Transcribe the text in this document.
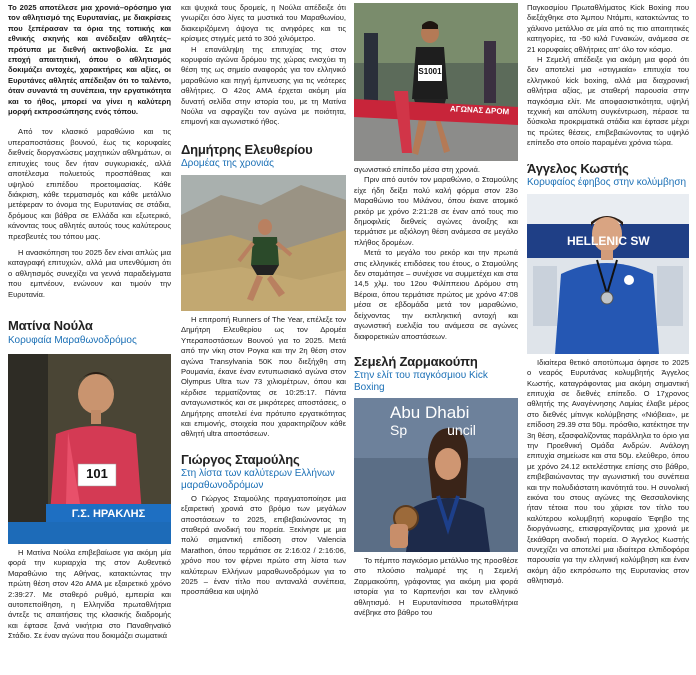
Το 2025 αποτέλεσε μια χρονιά–ορόσημο για τον αθλητισμό της Ευρυτανίας, με διακρίσεις που ξεπέρασαν τα όρια της τοπικής και εθνικής σκηνής και ανέδειξαν αθλητές–πρότυπα με διεθνή ακτινοβολία. Σε μια εποχή απαιτητική, όπου ο αθλητισμός δοκιμάζει αντοχές, χαρακτήρες και αξίες, οι Ευρυτάνες αθλητές απέδειξαν ότι το ταλέντο, όταν συναντά τη συνέπεια, την εργατικότητα και το ήθος, μπορεί να γίνει η καλύτερη μορφή εκπροσώπησης ενός τόπου.

Από τον κλασικό μαραθώνιο και τις υπεραποστάσεις βουνού, έως τις κορυφαίες διεθνείς διοργανώσεις μαχητικών αθλημάτων, οι επιτυχίες τους δεν ήταν συγκυριακές, αλλά αποτέλεσμα πολυετούς προσπάθειας και υψηλού επιπέδου προετοιμασίας. Κάθε διάκριση, κάθε τερματισμός και κάθε μετάλλιο μετέφεραν το όνομα της Ευρυτανίας σε στάδια, δρόμους και βάθρα σε Ελλάδα και εξωτερικό, κάνοντας τους αθλητές αυτούς τους καλύτερους πρεσβευτές του τόπου μας.

Η ανασκόπηση του 2025 δεν είναι απλώς μια καταγραφή επιτυχιών, αλλά μια υπενθύμιση ότι ο αθλητισμός συνεχίζει να γεννά παραδείγματα που εμπνέουν, ενώνουν και τιμούν την Ευρυτανία.

Ματίνα Νούλα
Κορυφαία Μαραθωνοδρόμος
101
Γ.Σ. ΗΡΑΚΛΗΣ

Η Ματίνα Νούλα επιβεβαίωσε για ακόμη μία φορά την κυριαρχία της στον Αυθεντικό Μαραθώνιο της Αθήνας, κατακτώντας την πρώτη θέση στον 42ο ΑΜΑ με εξαιρετικό χρόνο 2:39:27. Με σταθερό ρυθμό, εμπειρία και αυτοπεποίθηση, η Ελληνίδα πρωταθλήτρια άντεξε τις απαιτήσεις της κλασικής διαδρομής και έφτασε ξανά νικήτρια στο Παναθηναϊκό Στάδιο. Σε έναν αγώνα που δοκιμάζει σωματικά

και ψυχικά τους δρομείς, η Νούλα απέδειξε ότι γνωρίζει όσο λίγες τα μυστικά του Μαραθωνίου, διακειριζόμενη άψογα τις ανηφόρες και τις κρίσιμες στιγμές μετά το 30ό χιλιόμετρο.

Η επανάληψη της επιτυχίας της στον κορυφαίο αγώνα δρόμου της χώρας ενισχύει τη θέση της ως σημείο αναφοράς για τον ελληνικό μαραθώνιο και πηγή έμπνευσης για τις νεότερες αθλήτριες. Ο 42ος ΑΜΑ έρχεται ακόμη μία δυνατή σελίδα στην ιστορία του, με τη Ματίνα Νούλα να σφραγίζει τον αγώνα με ποιότητα, επιμονή και αγωνιστικό ήθος.

Δημήτρης Ελευθερίου
Δρομέας της χρονιάς

Η επιτροπή Runners of The Year, επέλεξε τον Δημήτρη Ελευθερίου ως τον Δρομέα Υπεραποστάσεων Βουνού για το 2025. Μετά από την νίκη στον Ρογκα και την 2η θέση στον αγώνα Transylvania 50K που διεξήχθη στη Ρουμανία, έκανε έναν εντυπωσιακό αγώνα στον Olympus Ultra των 73 χιλιομέτρων, όπου και κέρδισε τερματίζοντας σε 10:25:17. Πάντα ανταγωνιστικός και σε μικρότερες αποστάσεις, ο Δημήτρης αποτελεί ένα πρότυπο εργατικότητας και επιμονής, στοιχεία που χαρακτηρίζουν κάθε αθλητή ultra αποστάσεων.

Γιώργος Σταμούλης
Στη λίστα των καλύτερων Ελλήνων μαραθωνοδρόμων

Ο Γιώργος Σταμούλης πραγματοποίησε μια εξαιρετική χρονιά στο βρόμο των μεγάλων αποστάσεων το 2025, επιβεβαιώνοντας τη σταθερά ανοδική του πορεία. Ξεκίνησε με μια πολύ σημαντική επίδοση στον Valencia Marathon, όπου τερμάτισε σε 2:16:02 / 2:16:06, χρόνο που τον φέρνει πρώτο στη λίστα των καλύτερων Ελλήνων μαραθωνοδρόμων για το 2025 – έναν τίτλο που ανταναλά συνέπεια, προσπάθεια και υψηλό

S1001
ΑΓΩΝΑΣ ΔΡΟΜ

αγωνιστικό επίπεδο μέσα στη χρονιά.

Πριν από αυτόν τον μαραθώνιο, ο Σταμούλης είχε ήδη δείξει πολύ καλή φόρμα στον 23ο Μαραθώνιο του Μιλάνου, όπου έκανε ατομικό ρεκόρ με χρόνο 2:21:28 σε έναν από τους πιο δημοφιλείς διεθνείς αγώνες άνοιξης και τερμάτισε με αξιόλογη θέση ανάμεσα σε μεγάλο πλήθος δρομέων.

Μετά το μεγάλο του ρεκόρ και την πρωτιά στις ελληνικές επιδόσεις του έτους, ο Σταμούλης δεν σταμάτησε – συνέχισε να συμμετέχει και στα 14,5 χλμ. του 12ου Φιλίππειου Δρόμου στη Βέροια, όπου τερμάτισε πρώτος με χρόνο 47:08 μέσα σε εβδομάδα μετά τον μαραθώνιο, δείχνοντας την εκπληκτική αντοχή και αγωνιστική ευελιξία του ανάμεσα σε αγώνες διαφορετικών αποστάσεων.

Σεμελή Ζαρμακούπη
Στην ελίτ του παγκόσμιου Kick Boxing
Abu Dhabi
Sp	uncil

Το πέμπτο παγκόσμιο μετάλλιο της προσθέσε στο πλούσιο παλμαρέ της η Σεμελή Ζαρμακούπη, γράφοντας για ακόμη μια φορά ιστορία για το Καρπενήσι και τον ελληνικό αθλητισμό. Η Ευρυτανίτισσα πρωταθλήτρια ανέβηκε στο βάθρο του

Παγκοσμίου Πρωταθλήματος Kick Boxing που διεξάχθηκε στο Άμπου Ντάμπι, κατακτώντας το χάλκινο μετάλλιο σε μία από τις πιο απαιτητικές κατηγορίες, τα -50 κιλά Γυναικών, ανάμεσα σε 21 κορυφαίες αθλήτριες απ' όλο τον κόσμο.

Η Σεμελή απέδειξε για ακόμη μια φορά ότι δεν αποτελεί μια «στιγμιαία» επιτυχία του ελληνικού kick boxing, αλλά μια διαχρονική αθλήτρια αξίας, με σταθερή παρουσία στην παγκόσμια ελίτ. Με αποφασιστικότητα, υψηλή τεχνική και απόλυτη συγκέντρωση, πέρασε τα δύσκολα προκριματικά στάδια και έφτασε μέχρι τις πρώτες θέσεις, επιβεβαιώνοντας το υψηλό επίπεδο στο οποίο παραμένει χρόνια τώρα.

Άγγελος Κωστής
Κορυφαίος έφηβος στην κολύμβηση
HELLENIC SW

Ιδιαίτερα θετικό αποτύπωμα άφησε το 2025 ο νεαρός Ευρυτάνας κολυμβητής Άγγελος Κωστής, καταγράφοντας μια ακόμη σημαντική επιτυχία σε διεθνές επίπεδο. Ο 17χρονος αθλητής της Αναγέννησης Λαμίας έλαβε μέρος στο διεθνές μίτινγκ κολύμβησης «Νιόβεια», με επίδοση 29.39 στα 50μ. πρόσθιο, κατέκτησε την 3η θέση, εξασφαλίζοντας παράλληλα το όριο για την Προεθνική Ομάδα Ανδρών. Ανάλογη επιτυχία σημείωσε και στα 50μ. ελεύθερο, όπου με χρόνο 24.12 εκτελέστηκε επίσης στο βάθρο, επιβεβαιώνοντας την αγωνιστική του συνέπεια και την πολυδιάστατη ικανότητά του. Η συνολική εικόνα του στους αγώνες της Θεσσαλονίκης ήταν τέτοια που του χάρισε τον τίτλο του καλύτερου κολυμβητή κορυφαίο Έφηβο της διοργάνωσης, επισφραγίζοντας μια χρονιά με ξεκάθαρη ανοδική πορεία. Ο Άγγελος Κωστής συνεχίζει να αποτελεί μια ιδιαίτερα ελπιδοφόρα παρουσία για την ελληνική κολύμβηση και έναν ακόμη άξιο εκπρόσωπο της Ευρυτανίας στον αθλητισμό.
